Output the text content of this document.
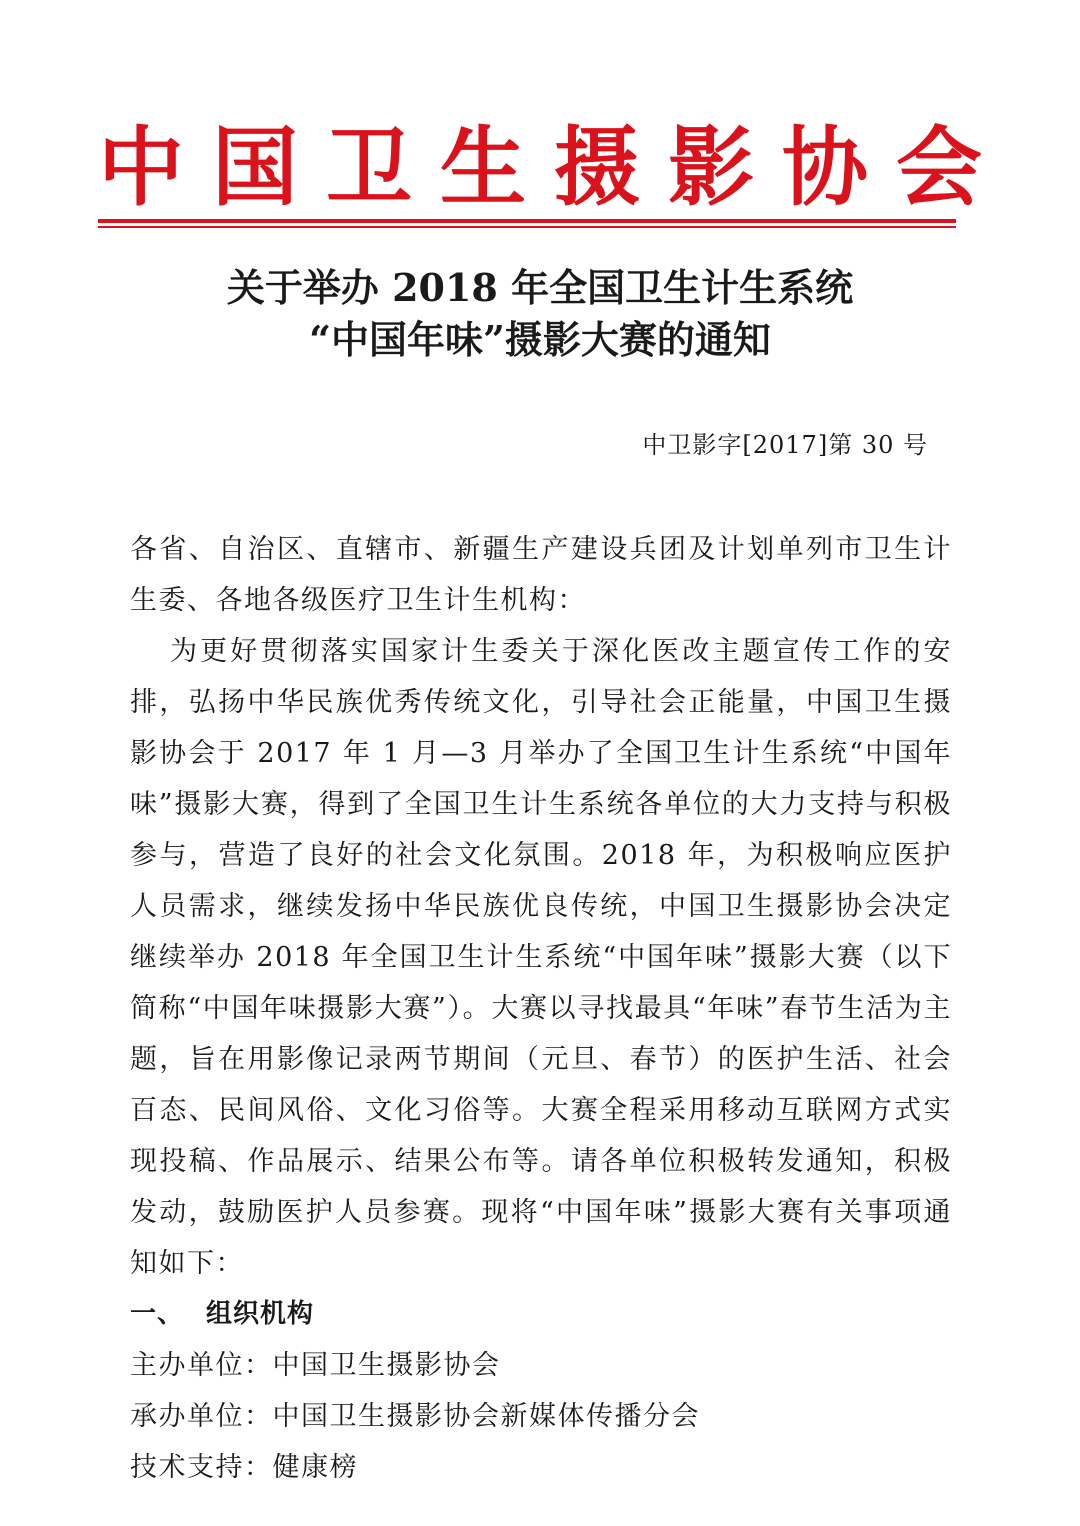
中国卫生摄影协会
关于举办 2018 年全国卫生计生系统
“中国年味”摄影大赛的通知
中卫影字[2017]第 30 号

各省、自治区、直辖市、新疆生产建设兵团及计划单列市卫生计生委、各地各级医疗卫生计生机构：

为更好贯彻落实国家计生委关于深化医改主题宣传工作的安排，弘扬中华民族优秀传统文化，引导社会正能量，中国卫生摄影协会于 2017 年 1 月—3 月举办了全国卫生计生系统“中国年味”摄影大赛，得到了全国卫生计生系统各单位的大力支持与积极参与，营造了良好的社会文化氛围。2018 年，为积极响应医护人员需求，继续发扬中华民族优良传统，中国卫生摄影协会决定继续举办 2018 年全国卫生计生系统“中国年味”摄影大赛（以下简称“中国年味摄影大赛”）。大赛以寻找最具“年味”春节生活为主题，旨在用影像记录两节期间（元旦、春节）的医护生活、社会百态、民间风俗、文化习俗等。大赛全程采用移动互联网方式实现投稿、作品展示、结果公布等。请各单位积极转发通知，积极发动，鼓励医护人员参赛。现将“中国年味”摄影大赛有关事项通知如下：

一、 组织机构

主办单位：中国卫生摄影协会

承办单位：中国卫生摄影协会新媒体传播分会

技术支持：健康榜
